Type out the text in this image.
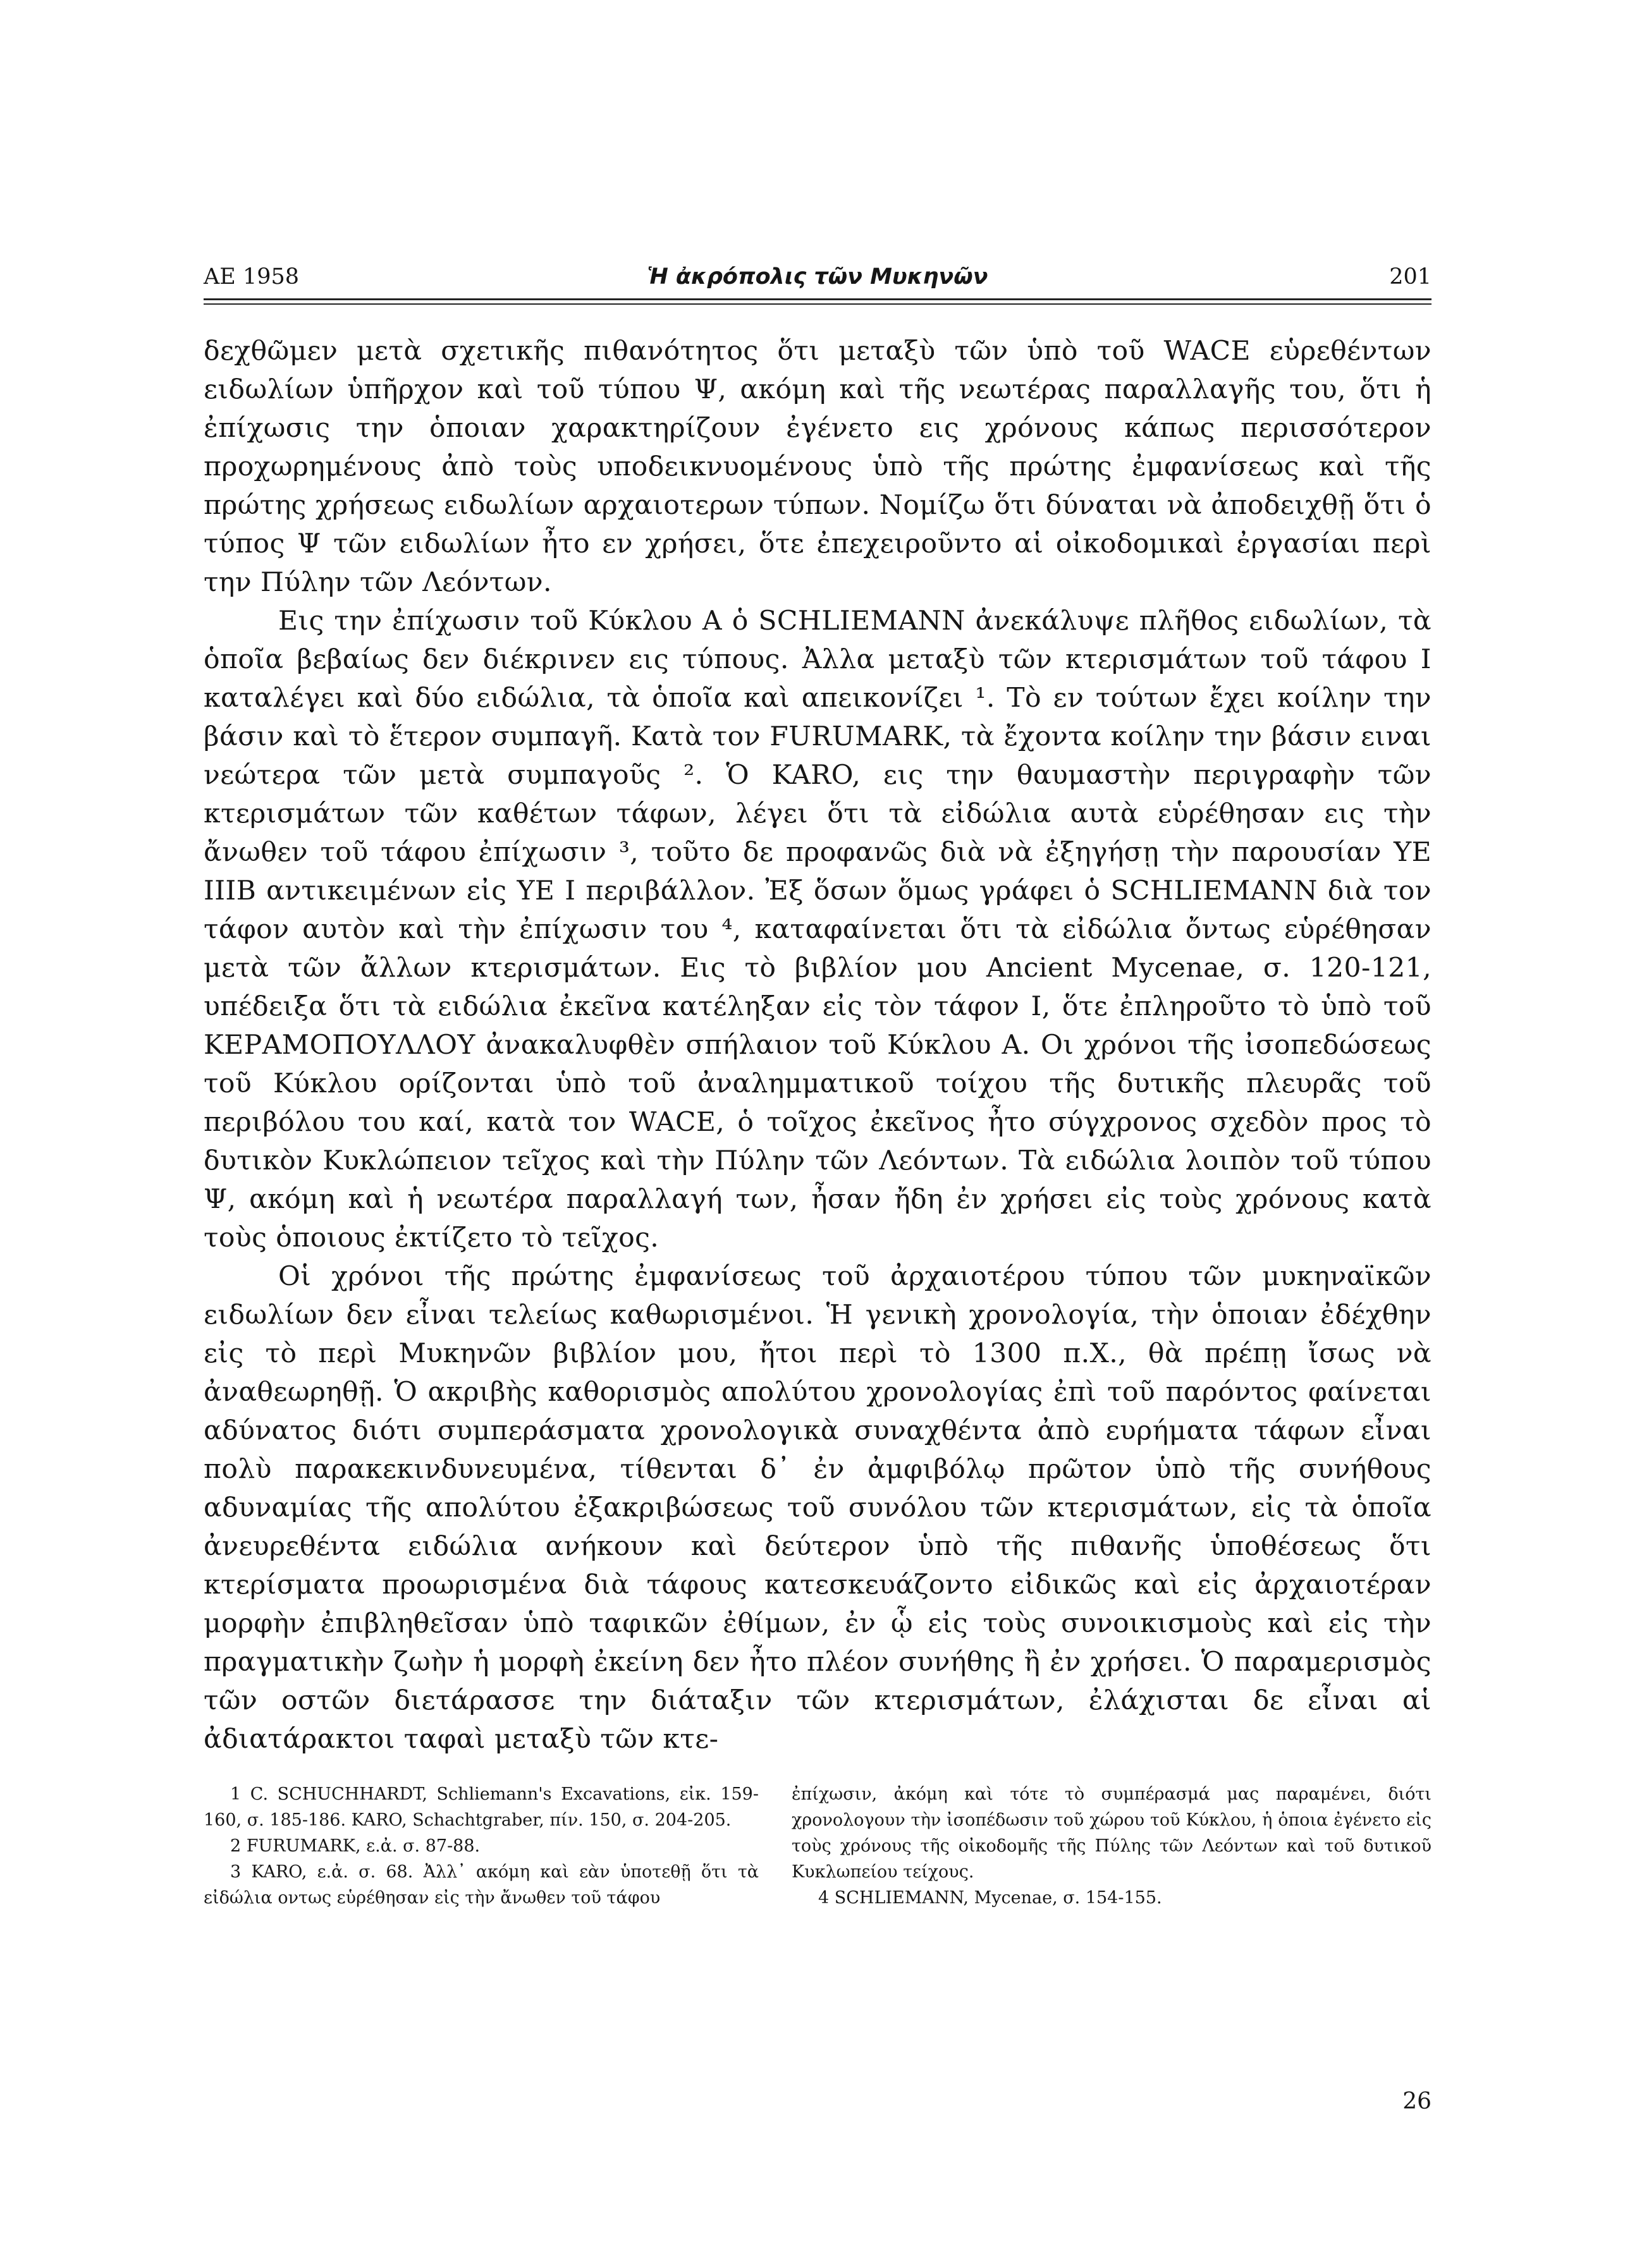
ΑΕ 1958	Ἡ ἀκρόπολις τῶν Μυκηνῶν	201

δεχθῶμεν μετὰ σχετικῆς πιθανότητος ὅτι μεταξὺ τῶν ὑπὸ τοῦ WACE εὑρεθέντων ειδωλίων ὑπῆρχον καὶ τοῦ τύπου Ψ, ακόμη καὶ τῆς νεωτέρας παραλλαγῆς του, ὅτι ἡ ἐπίχωσις την ὁποιαν χαρακτηρίζουν ἐγένετο εις χρόνους κάπως περισσότερον προχωρημένους ἀπὸ τοὺς υποδεικνυομένους ὑπὸ τῆς πρώτης ἐμφανίσεως καὶ τῆς πρώτης χρήσεως ειδωλίων αρχαιοτερων τύπων. Νομίζω ὅτι δύναται νὰ ἀποδειχθῇ ὅτι ὁ τύπος Ψ τῶν ειδωλίων ἦτο εν χρήσει, ὅτε ἐπεχειροῦντο αἱ οἰκοδομικαὶ ἐργασίαι περὶ την Πύλην τῶν Λεόντων.

Εις την ἐπίχωσιν τοῦ Κύκλου Α ὁ SCHLIEMANN ἀνεκάλυψε πλῆθος ειδωλίων, τὰ ὁποῖα βεβαίως δεν διέκρινεν εις τύπους. Ἀλλα μεταξὺ τῶν κτερισμάτων τοῦ τάφου Ι καταλέγει καὶ δύο ειδώλια, τὰ ὁποῖα καὶ απεικονίζει ¹. Τὸ εν τούτων ἔχει κοίλην την βάσιν καὶ τὸ ἕτερον συμπαγῆ. Κατὰ τον FURUMARK, τὰ ἔχοντα κοίλην την βάσιν ειναι νεώτερα τῶν μετὰ συμπαγοῦς ². Ὁ KARO, εις την θαυμαστὴν περιγραφὴν τῶν κτερισμάτων τῶν καθέτων τάφων, λέγει ὅτι τὰ εἰδώλια αυτὰ εὑρέθησαν εις τὴν ἄνωθεν τοῦ τάφου ἐπίχωσιν ³, τοῦτο δε προφανῶς διὰ νὰ ἐξηγήσῃ τὴν παρουσίαν ΥΕ ΙΙΙΒ αντικειμένων εἰς ΥΕ Ι περιβάλλον. Ἐξ ὅσων ὅμως γράφει ὁ SCHLIEMANN διὰ τον τάφον αυτὸν καὶ τὴν ἐπίχωσιν του ⁴, καταφαίνεται ὅτι τὰ εἰδώλια ὄντως εὑρέθησαν μετὰ τῶν ἄλλων κτερισμάτων. Εις τὸ βιβλίον μου Ancient Mycenae, σ. 120-121, υπέδειξα ὅτι τὰ ειδώλια ἐκεῖνα κατέληξαν εἰς τὸν τάφον Ι, ὅτε ἐπληροῦτο τὸ ὑπὸ τοῦ ΚΕΡΑΜΟΠΟΥΛΛΟΥ ἀνακαλυφθὲν σπήλαιον τοῦ Κύκλου Α. Οι χρόνοι τῆς ἰσοπεδώσεως τοῦ Κύκλου ορίζονται ὑπὸ τοῦ ἀναλημματικοῦ τοίχου τῆς δυτικῆς πλευρᾶς τοῦ περιβόλου του καί, κατὰ τον WACE, ὁ τοῖχος ἐκεῖνος ἦτο σύγχρονος σχεδὸν προς τὸ δυτικὸν Κυκλώπειον τεῖχος καὶ τὴν Πύλην τῶν Λεόντων. Τὰ ειδώλια λοιπὸν τοῦ τύπου Ψ, ακόμη καὶ ἡ νεωτέρα παραλλαγή των, ἦσαν ἤδη ἐν χρήσει εἰς τοὺς χρόνους κατὰ τοὺς ὁποιους ἐκτίζετο τὸ τεῖχος.

Οἱ χρόνοι τῆς πρώτης ἐμφανίσεως τοῦ ἀρχαιοτέρου τύπου τῶν μυκηναϊκῶν ειδωλίων δεν εἶναι τελείως καθωρισμένοι. Ἡ γενικὴ χρονολογία, τὴν ὁποιαν ἐδέχθην εἰς τὸ περὶ Μυκηνῶν βιβλίον μου, ἤτοι περὶ τὸ 1300 π.Χ., θὰ πρέπῃ ἴσως νὰ ἀναθεωρηθῇ. Ὁ ακριβὴς καθορισμὸς απολύτου χρονολογίας ἐπὶ τοῦ παρόντος φαίνεται αδύνατος διότι συμπεράσματα χρονολογικὰ συναχθέντα ἀπὸ ευρήματα τάφων εἶναι πολὺ παρακεκινδυνευμένα, τίθενται δ᾽ ἐν ἀμφιβόλῳ πρῶτον ὑπὸ τῆς συνήθους αδυναμίας τῆς απολύτου ἐξακριβώσεως τοῦ συνόλου τῶν κτερισμάτων, εἰς τὰ ὁποῖα ἀνευρεθέντα ειδώλια ανήκουν καὶ δεύτερον ὑπὸ τῆς πιθανῆς ὑποθέσεως ὅτι κτερίσματα προωρισμένα διὰ τάφους κατεσκευάζοντο εἰδικῶς καὶ εἰς ἀρχαιοτέραν μορφὴν ἐπιβληθεῖσαν ὑπὸ ταφικῶν ἐθίμων, ἐν ᾧ εἰς τοὺς συνοικισμοὺς καὶ εἰς τὴν πραγματικὴν ζωὴν ἡ μορφὴ ἐκείνη δεν ἦτο πλέον συνήθης ἢ ἐν χρήσει. Ὁ παραμερισμὸς τῶν οστῶν διετάρασσε την διάταξιν τῶν κτερισμάτων, ἐλάχισται δε εἶναι αἱ ἀδιατάρακτοι ταφαὶ μεταξὺ τῶν κτε-

1 C. SCHUCHHARDT, Schliemann's Excavations, εἰκ. 159-160, σ. 185-186. KARO, Schachtgraber, πίν. 150, σ. 204-205.

2 FURUMARK, ε.ἀ. σ. 87-88.

3 KARO, ε.ἀ. σ. 68. Ἀλλ᾽ ακόμη καὶ εὰν ὑποτεθῇ ὅτι τὰ εἰδώλια οντως εὑρέθησαν εἰς τὴν ἄνωθεν τοῦ τάφου

ἐπίχωσιν, ἀκόμη καὶ τότε τὸ συμπέρασμά μας παραμένει, διότι χρονολογουν τὴν ἰσοπέδωσιν τοῦ χώρου τοῦ Κύκλου, ἡ ὁποια ἐγένετο εἰς τοὺς χρόνους τῆς οἰκοδομῆς τῆς Πύλης τῶν Λεόντων καὶ τοῦ δυτικοῦ Κυκλωπείου τείχους.

4 SCHLIEMANN, Mycenae, σ. 154-155.

26
